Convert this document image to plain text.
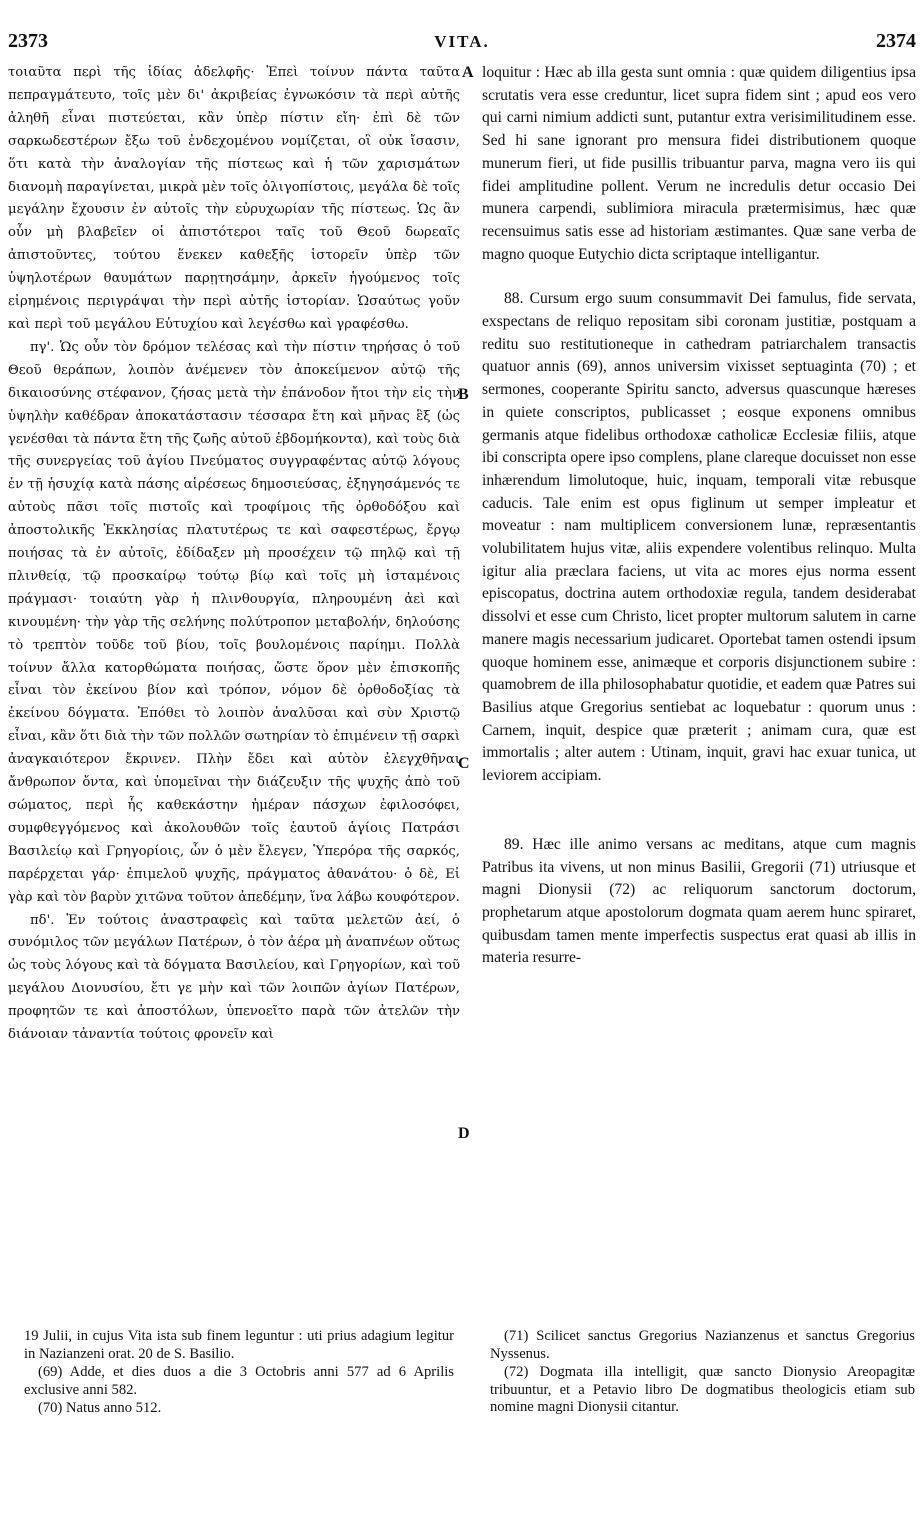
2373	VITA.	2374

τοιαῦτα περὶ τῆς ἰδίας ἀδελφῆς· Ἐπεὶ τοίνυν πάντα ταῦτα πεπραγμάτευτο, τοῖς μὲν δι' ἀκριβείας ἐγνωκόσιν τὰ περὶ αὐτῆς ἀληθῆ εἶναι πιστεύεται, κἂν ὑπὲρ πίστιν εἴη· ἐπὶ δὲ τῶν σαρκωδεστέρων ἔξω τοῦ ἐνδεχομένου νομίζεται, οἳ οὐκ ἴσασιν, ὅτι κατὰ τὴν ἀναλογίαν τῆς πίστεως καὶ ἡ τῶν χαρισμάτων διανομὴ παραγίνεται, μικρὰ μὲν τοῖς ὀλιγοπίστοις, μεγάλα δὲ τοῖς μεγάλην ἔχουσιν ἐν αὐτοῖς τὴν εὐρυχωρίαν τῆς πίστεως. Ὡς ἂν οὖν μὴ βλαβεῖεν οἱ ἀπιστότεροι ταῖς τοῦ Θεοῦ δωρεαῖς ἀπιστοῦντες, τούτου ἕνεκεν καθεξῆς ἱστορεῖν ὑπὲρ τῶν ὑψηλοτέρων θαυμάτων παρῃτησάμην, ἀρκεῖν ἡγούμενος τοῖς εἰρημένοις περιγράψαι τὴν περὶ αὐτῆς ἱστορίαν. Ὡσαύτως γοῦν καὶ περὶ τοῦ μεγάλου Εὐτυχίου καὶ λεγέσθω καὶ γραφέσθω.

πγ'. Ὡς οὖν τὸν δρόμον τελέσας καὶ τὴν πίστιν τηρήσας ὁ τοῦ Θεοῦ θεράπων, λοιπὸν ἀνέμενεν τὸν ἀποκείμενον αὐτῷ τῆς δικαιοσύνης στέφανον, ζήσας μετὰ τὴν ἐπάνοδον ἤτοι τὴν εἰς τὴν ὑψηλὴν καθέδραν ἀποκατάστασιν τέσσαρα ἔτη καὶ μῆνας ἓξ (ὡς γενέσθαι τὰ πάντα ἔτη τῆς ζωῆς αὐτοῦ ἑβδομήκοντα), καὶ τοὺς διὰ τῆς συνεργείας τοῦ ἁγίου Πνεύματος συγγραφέντας αὐτῷ λόγους ἐν τῇ ἡσυχίᾳ κατὰ πάσης αἱρέσεως δημοσιεύσας, ἐξηγησάμενός τε αὐτοὺς πᾶσι τοῖς πιστοῖς καὶ τροφίμοις τῆς ὀρθοδόξου καὶ ἀποστολικῆς Ἐκκλησίας πλατυτέρως τε καὶ σαφεστέρως, ἔργῳ ποιήσας τὰ ἐν αὐτοῖς, ἐδίδαξεν μὴ προσέχειν τῷ πηλῷ καὶ τῇ πλινθείᾳ, τῷ προσκαίρῳ τούτῳ βίῳ καὶ τοῖς μὴ ἱσταμένοις πράγμασι· τοιαύτη γὰρ ἡ πλινθουργία, πληρουμένη ἀεὶ καὶ κινουμένη· τὴν γὰρ τῆς σελήνης πολύτροπον μεταβολήν, δηλούσης τὸ τρεπτὸν τοῦδε τοῦ βίου, τοῖς βουλομένοις παρίημι. Πολλὰ τοίνυν ἄλλα κατορθώματα ποιήσας, ὥστε ὅρον μὲν ἐπισκοπῆς εἶναι τὸν ἐκείνου βίον καὶ τρόπον, νόμον δὲ ὀρθοδοξίας τὰ ἐκείνου δόγματα. Ἐπόθει τὸ λοιπὸν ἀναλῦσαι καὶ σὺν Χριστῷ εἶναι, κἂν ὅτι διὰ τὴν τῶν πολλῶν σωτηρίαν τὸ ἐπιμένειν τῇ σαρκὶ ἀναγκαιότερον ἔκρινεν. Πλὴν ἔδει καὶ αὐτὸν ἐλεγχθῆναι ἄνθρωπον ὄντα, καὶ ὑπομεῖναι τὴν διάζευξιν τῆς ψυχῆς ἀπὸ τοῦ σώματος, περὶ ἧς καθεκάστην ἡμέραν πάσχων ἐφιλοσόφει, συμφθεγγόμενος καὶ ἀκολουθῶν τοῖς ἑαυτοῦ ἁγίοις Πατράσι Βασιλείῳ καὶ Γρηγορίοις, ὧν ὁ μὲν ἔλεγεν, Ὑπερόρα τῆς σαρκός, παρέρχεται γάρ· ἐπιμελοῦ ψυχῆς, πράγματος ἀθανάτου· ὁ δὲ, Εἰ γὰρ καὶ τὸν βαρὺν χιτῶνα τοῦτον ἀπεδέμην, ἵνα λάβω κουφότερον.

πδ'. Ἐν τούτοις ἀναστραφεὶς καὶ ταῦτα μελετῶν ἀεί, ὁ συνόμιλος τῶν μεγάλων Πατέρων, ὁ τὸν ἀέρα μὴ ἀναπνέων οὕτως ὡς τοὺς λόγους καὶ τὰ δόγματα Βασιλείου, καὶ Γρηγορίων, καὶ τοῦ μεγάλου Διονυσίου, ἔτι γε μὴν καὶ τῶν λοιπῶν ἁγίων Πατέρων, προφητῶν τε καὶ ἀποστόλων, ὑπενοεῖτο παρὰ τῶν ἀτελῶν τὴν διάνοιαν τἀναντία τούτοις φρονεῖν καὶ

A
B
C
D

loquitur : Hæc ab illa gesta sunt omnia : quæ quidem diligentius ipsa scrutatis vera esse creduntur, licet supra fidem sint ; apud eos vero qui carni nimium addicti sunt, putantur extra verisimilitudinem esse. Sed hi sane ignorant pro mensura fidei distributionem quoque munerum fieri, ut fide pusillis tribuantur parva, magna vero iis qui fidei amplitudine pollent. Verum ne incredulis detur occasio Dei munera carpendi, sublimiora miracula prætermisimus, hæc quæ recensuimus satis esse ad historiam æstimantes. Quæ sane verba de magno quoque Eutychio dicta scriptaque intelligantur.

88. Cursum ergo suum consummavit Dei famulus, fide servata, exspectans de reliquo repositam sibi coronam justitiæ, postquam a reditu suo restitutioneque in cathedram patriarchalem transactis quatuor annis (69), annos universim vixisset septuaginta (70) ; et sermones, cooperante Spiritu sancto, adversus quascunque hæreses in quiete conscriptos, publicasset ; eosque exponens omnibus germanis atque fidelibus orthodoxæ catholicæ Ecclesiæ filiis, atque ibi conscripta opere ipso complens, plane clareque docuisset non esse inhærendum limolutoque, huic, inquam, temporali vitæ rebusque caducis. Tale enim est opus figlinum ut semper impleatur et moveatur : nam multiplicem conversionem lunæ, repræsentantis volubilitatem hujus vitæ, aliis expendere volentibus relinquo. Multa igitur alia præclara faciens, ut vita ac mores ejus norma essent episcopatus, doctrina autem orthodoxiæ regula, tandem desiderabat dissolvi et esse cum Christo, licet propter multorum salutem in carne manere magis necessarium judicaret. Oportebat tamen ostendi ipsum quoque hominem esse, animæque et corporis disjunctionem subire : quamobrem de illa philosophabatur quotidie, et eadem quæ Patres sui Basilius atque Gregorius sentiebat ac loquebatur : quorum unus : Carnem, inquit, despice quæ præterit ; animam cura, quæ est immortalis ; alter autem : Utinam, inquit, gravi hac exuar tunica, ut leviorem accipiam.

89. Hæc ille animo versans ac meditans, atque cum magnis Patribus ita vivens, ut non minus Basilii, Gregorii (71) utriusque et magni Dionysii (72) ac reliquorum sanctorum doctorum, prophetarum atque apostolorum dogmata quam aerem hunc spiraret, quibusdam tamen mente imperfectis suspectus erat quasi ab illis in materia resurre-

19 Julii, in cujus Vita ista sub finem leguntur : uti prius adagium legitur in Nazianzeni orat. 20 de S. Basilio.

(69) Adde, et dies duos a die 3 Octobris anni 577 ad 6 Aprilis exclusive anni 582.

(70) Natus anno 512.

(71) Scilicet sanctus Gregorius Nazianzenus et sanctus Gregorius Nyssenus.

(72) Dogmata illa intelligit, quæ sancto Dionysio Areopagitæ tribuuntur, et a Petavio libro De dogmatibus theologicis etiam sub nomine magni Dionysii citantur.
